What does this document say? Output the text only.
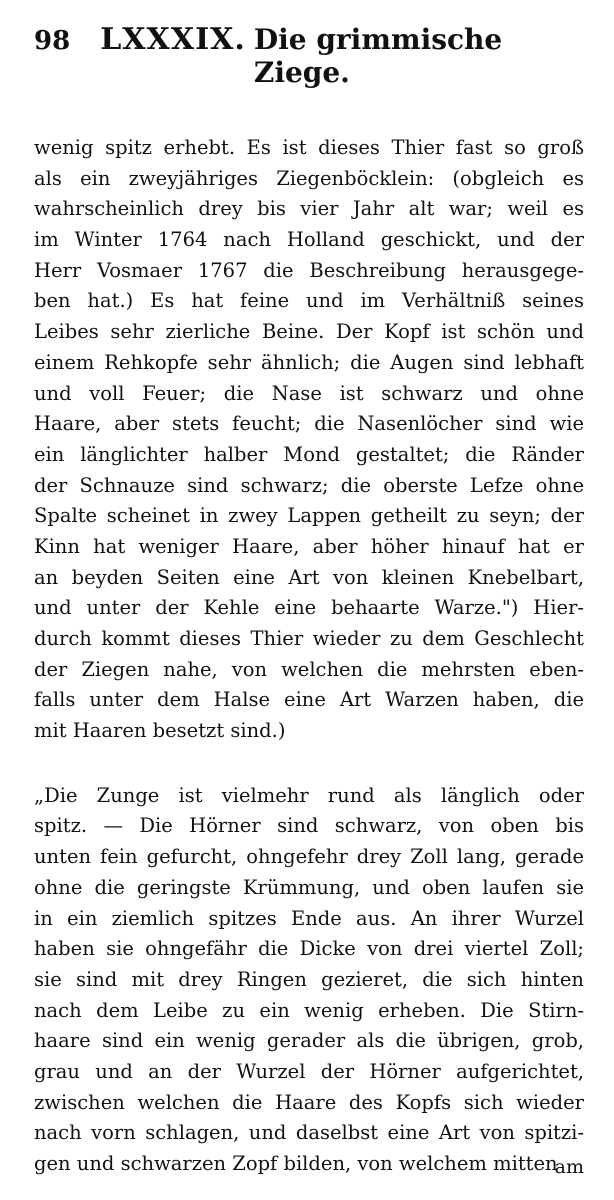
98 LXXXIX. Die grimmische Ziege.
wenig spitz erhebt. Es ist dieses Thier fast so groß
als ein zweyjähriges Ziegenböcklein: (obgleich es
wahrscheinlich drey bis vier Jahr alt war; weil es
im Winter 1764 nach Holland geschickt, und der
Herr Vosmaer 1767 die Beschreibung herausgege-
ben hat.) Es hat feine und im Verhältniß seines
Leibes sehr zierliche Beine. Der Kopf ist schön und
einem Rehkopfe sehr ähnlich; die Augen sind lebhaft
und voll Feuer; die Nase ist schwarz und ohne
Haare, aber stets feucht; die Nasenlöcher sind wie
ein länglichter halber Mond gestaltet; die Ränder
der Schnauze sind schwarz; die oberste Lefze ohne
Spalte scheinet in zwey Lappen getheilt zu seyn; der
Kinn hat weniger Haare, aber höher hinauf hat er
an beyden Seiten eine Art von kleinen Knebelbart,
und unter der Kehle eine behaarte Warze.") Hier-
durch kommt dieses Thier wieder zu dem Geschlecht
der Ziegen nahe, von welchen die mehrsten eben-
falls unter dem Halse eine Art Warzen haben, die
mit Haaren besetzt sind.)
„Die Zunge ist vielmehr rund als länglich oder
spitz. — Die Hörner sind schwarz, von oben bis
unten fein gefurcht, ohngefehr drey Zoll lang, gerade
ohne die geringste Krümmung, und oben laufen sie
in ein ziemlich spitzes Ende aus. An ihrer Wurzel
haben sie ohngefähr die Dicke von drei viertel Zoll;
sie sind mit drey Ringen gezieret, die sich hinten
nach dem Leibe zu ein wenig erheben. Die Stirn-
haare sind ein wenig gerader als die übrigen, grob,
grau und an der Wurzel der Hörner aufgerichtet,
zwischen welchen die Haare des Kopfs sich wieder
nach vorn schlagen, und daselbst eine Art von spitzi-
gen und schwarzen Zopf bilden, von welchem mitten
am
